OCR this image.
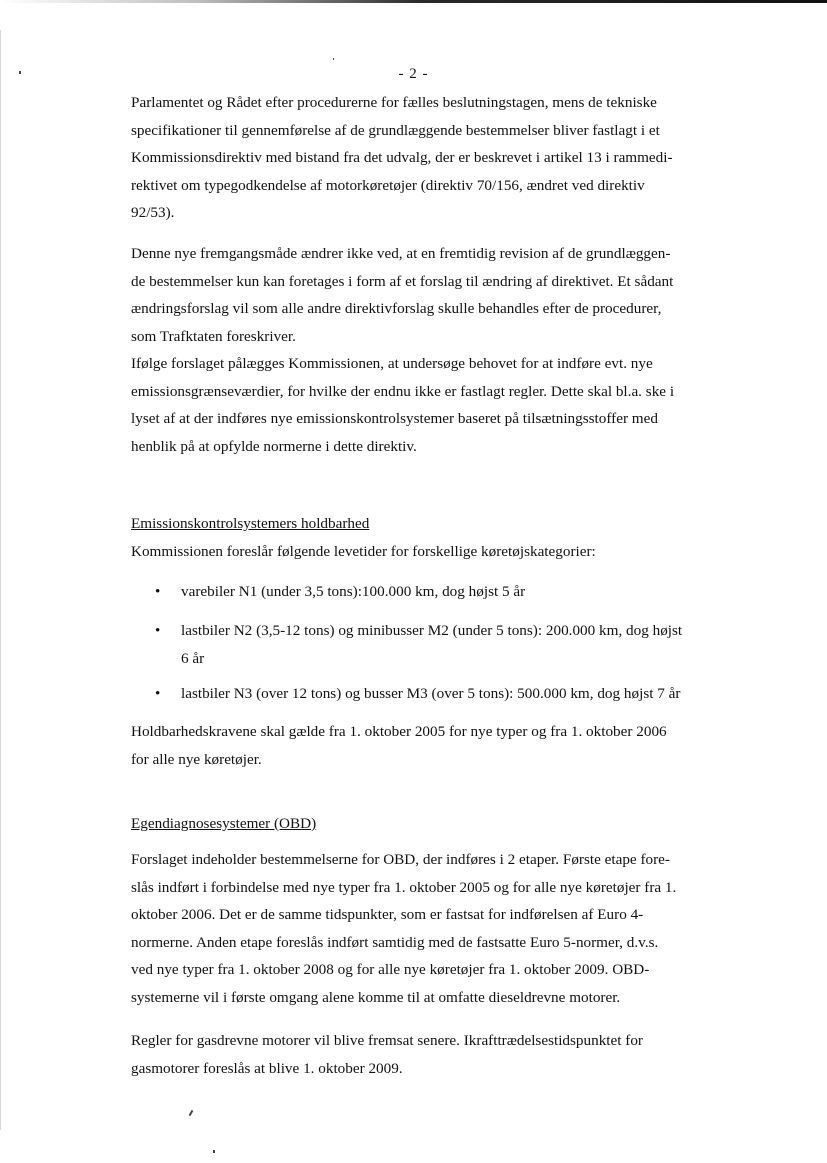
- 2 -
Parlamentet og Rådet efter procedurerne for fælles beslutningstagen, mens de tekniske
specifikationer til gennemførelse af de grundlæggende bestemmelser bliver fastlagt i et
Kommissionsdirektiv med bistand fra det udvalg, der er beskrevet i artikel 13 i rammedi-
rektivet om typegodkendelse af motorkøretøjer (direktiv 70/156, ændret ved direktiv
92/53).
Denne nye fremgangsmåde ændrer ikke ved, at en fremtidig revision af de grundlæggen-
de bestemmelser kun kan foretages i form af et forslag til ændring af direktivet. Et sådant
ændringsforslag vil som alle andre direktivforslag skulle behandles efter de procedurer,
som Trafktaten foreskriver.
Ifølge forslaget pålægges Kommissionen, at undersøge behovet for at indføre evt. nye
emissionsgrænseværdier, for hvilke der endnu ikke er fastlagt regler. Dette skal bl.a. ske i
lyset af at der indføres nye emissionskontrolsystemer baseret på tilsætningsstoffer med
henblik på at opfylde normerne i dette direktiv.
Emissionskontrolsystemers holdbarhed
Kommissionen foreslår følgende levetider for forskellige køretøjskategorier:
• varebiler N1 (under 3,5 tons):100.000 km, dog højst 5 år
• lastbiler N2 (3,5-12 tons) og minibusser M2 (under 5 tons): 200.000 km, dog højst
6 år
• lastbiler N3 (over 12 tons) og busser M3 (over 5 tons): 500.000 km, dog højst 7 år
Holdbarhedskravene skal gælde fra 1. oktober 2005 for nye typer og fra 1. oktober 2006
for alle nye køretøjer.
Egendiagnosesystemer (OBD)
Forslaget indeholder bestemmelserne for OBD, der indføres i 2 etaper. Første etape fore-
slås indført i forbindelse med nye typer fra 1. oktober 2005 og for alle nye køretøjer fra 1.
oktober 2006. Det er de samme tidspunkter, som er fastsat for indførelsen af Euro 4-
normerne. Anden etape foreslås indført samtidig med de fastsatte Euro 5-normer, d.v.s.
ved nye typer fra 1. oktober 2008 og for alle nye køretøjer fra 1. oktober 2009. OBD-
systemerne vil i første omgang alene komme til at omfatte dieseldrevne motorer.
Regler for gasdrevne motorer vil blive fremsat senere. Ikrafttrædelsestidspunktet for
gasmotorer foreslås at blive 1. oktober 2009.
